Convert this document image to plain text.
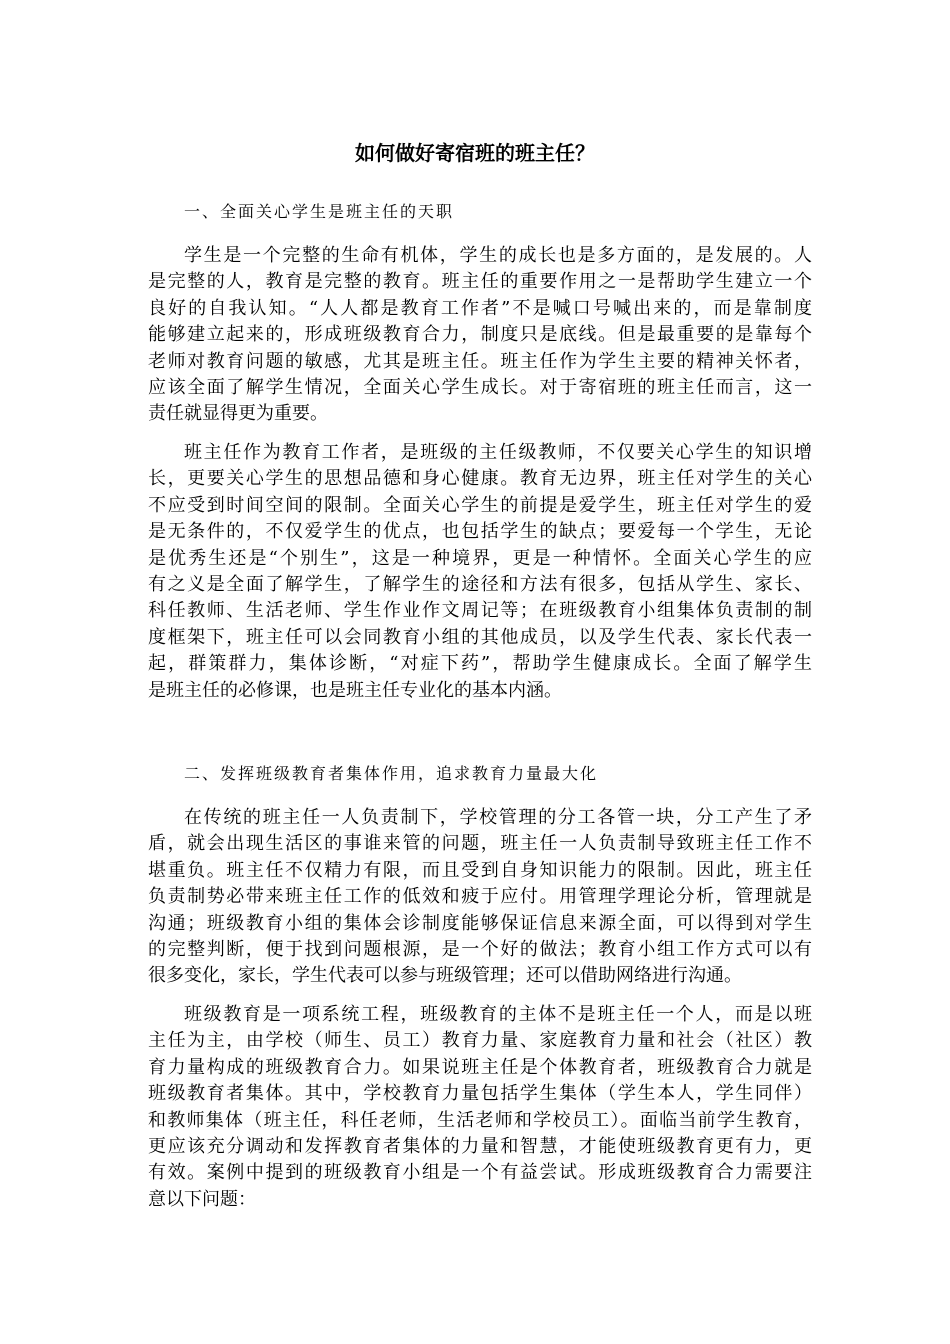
如何做好寄宿班的班主任？
一、全面关心学生是班主任的天职
学生是一个完整的生命有机体，学生的成长也是多方面的，是发展的。人
是完整的人，教育是完整的教育。班主任的重要作用之一是帮助学生建立一个
良好的自我认知。“人人都是教育工作者”不是喊口号喊出来的，而是靠制度
能够建立起来的，形成班级教育合力，制度只是底线。但是最重要的是靠每个
老师对教育问题的敏感，尤其是班主任。班主任作为学生主要的精神关怀者，
应该全面了解学生情况，全面关心学生成长。对于寄宿班的班主任而言，这一
责任就显得更为重要。
班主任作为教育工作者，是班级的主任级教师，不仅要关心学生的知识增
长，更要关心学生的思想品德和身心健康。教育无边界，班主任对学生的关心
不应受到时间空间的限制。全面关心学生的前提是爱学生，班主任对学生的爱
是无条件的，不仅爱学生的优点，也包括学生的缺点；要爱每一个学生，无论
是优秀生还是“个别生”，这是一种境界，更是一种情怀。全面关心学生的应
有之义是全面了解学生，了解学生的途径和方法有很多，包括从学生、家长、
科任教师、生活老师、学生作业作文周记等；在班级教育小组集体负责制的制
度框架下，班主任可以会同教育小组的其他成员，以及学生代表、家长代表一
起，群策群力，集体诊断，“对症下药”，帮助学生健康成长。全面了解学生
是班主任的必修课，也是班主任专业化的基本内涵。
二、发挥班级教育者集体作用，追求教育力量最大化
在传统的班主任一人负责制下，学校管理的分工各管一块，分工产生了矛
盾，就会出现生活区的事谁来管的问题，班主任一人负责制导致班主任工作不
堪重负。班主任不仅精力有限，而且受到自身知识能力的限制。因此，班主任
负责制势必带来班主任工作的低效和疲于应付。用管理学理论分析，管理就是
沟通；班级教育小组的集体会诊制度能够保证信息来源全面，可以得到对学生
的完整判断，便于找到问题根源，是一个好的做法；教育小组工作方式可以有
很多变化，家长，学生代表可以参与班级管理；还可以借助网络进行沟通。
班级教育是一项系统工程，班级教育的主体不是班主任一个人，而是以班
主任为主，由学校（师生、员工）教育力量、家庭教育力量和社会（社区）教
育力量构成的班级教育合力。如果说班主任是个体教育者，班级教育合力就是
班级教育者集体。其中，学校教育力量包括学生集体（学生本人，学生同伴）
和教师集体（班主任，科任老师，生活老师和学校员工）。面临当前学生教育，
更应该充分调动和发挥教育者集体的力量和智慧，才能使班级教育更有力，更
有效。案例中提到的班级教育小组是一个有益尝试。形成班级教育合力需要注
意以下问题：
